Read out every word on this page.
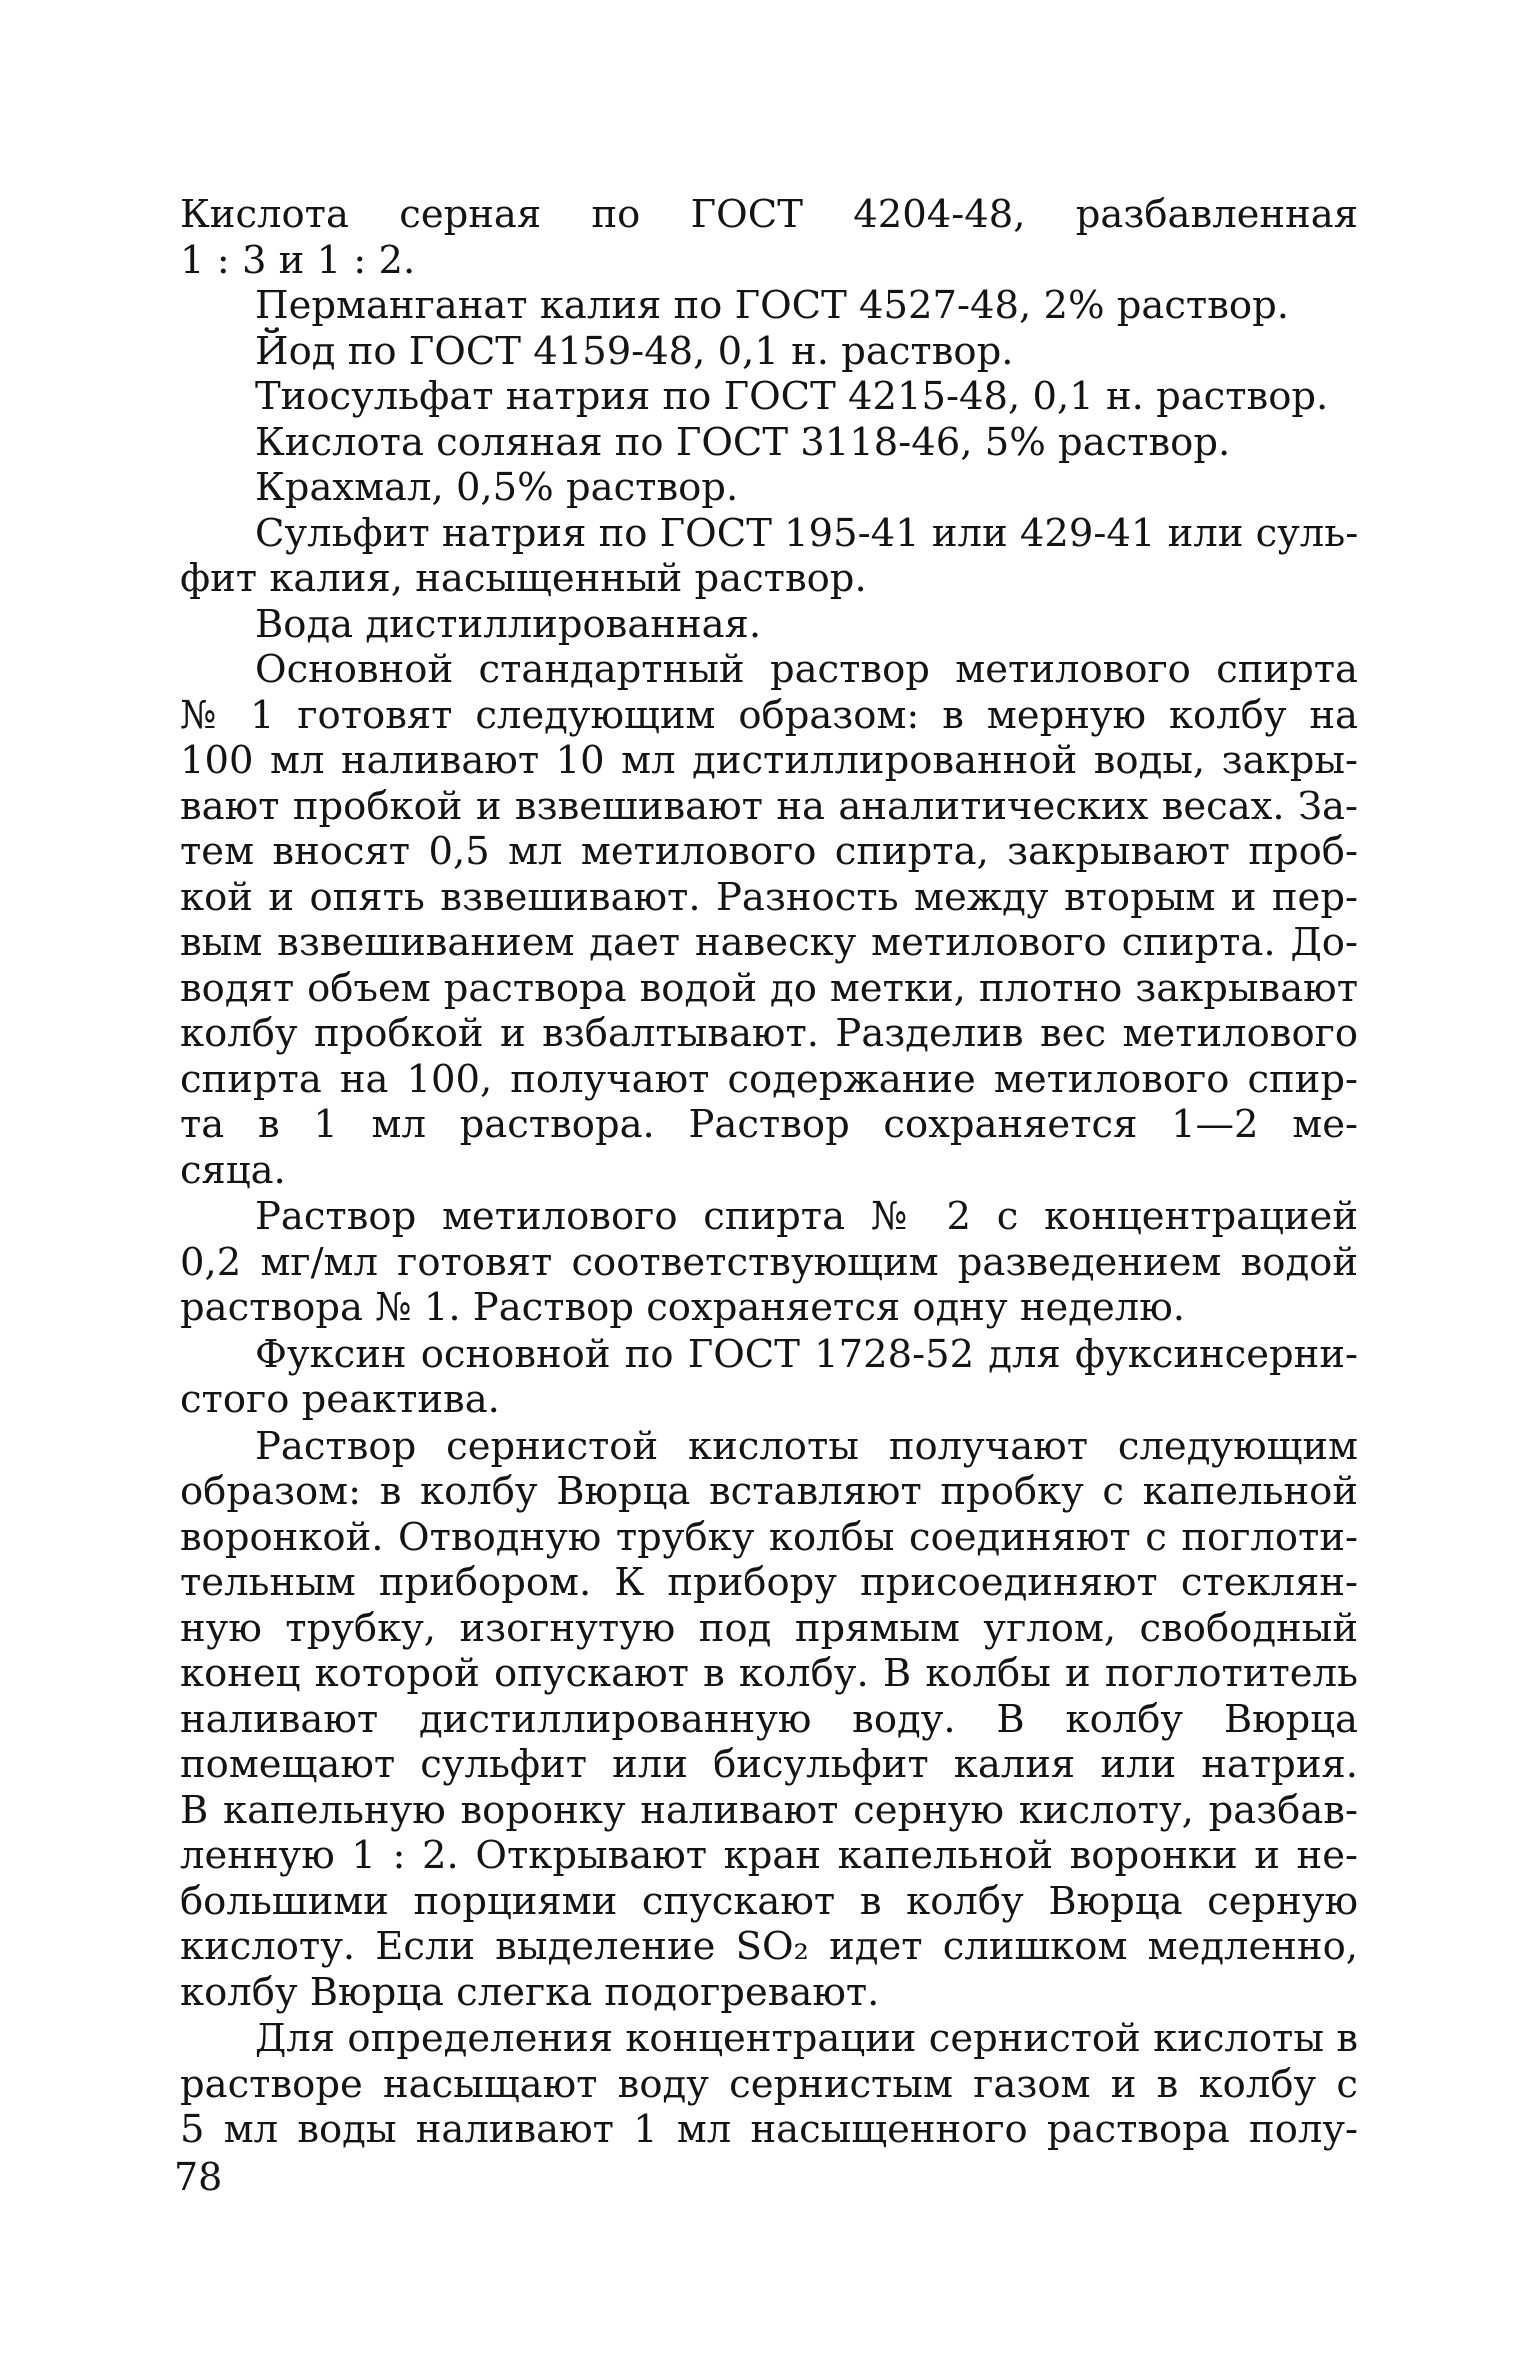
Кислота серная по ГОСТ 4204-48, разбавленная
1 : 3 и 1 : 2.
Перманганат калия по ГОСТ 4527-48, 2% раствор.
Йод по ГОСТ 4159-48, 0,1 н. раствор.
Тиосульфат натрия по ГОСТ 4215-48, 0,1 н. раствор.
Кислота соляная по ГОСТ 3118-46, 5% раствор.
Крахмал, 0,5% раствор.
Сульфит натрия по ГОСТ 195-41 или 429-41 или суль-
фит калия, насыщенный раствор.
Вода дистиллированная.
Основной стандартный раствор метилового спирта
№ 1 готовят следующим образом: в мерную колбу на
100 мл наливают 10 мл дистиллированной воды, закры-
вают пробкой и взвешивают на аналитических весах. За-
тем вносят 0,5 мл метилового спирта, закрывают проб-
кой и опять взвешивают. Разность между вторым и пер-
вым взвешиванием дает навеску метилового спирта. До-
водят объем раствора водой до метки, плотно закрывают
колбу пробкой и взбалтывают. Разделив вес метилового
спирта на 100, получают содержание метилового спир-
та в 1 мл раствора. Раствор сохраняется 1—2 ме-
сяца.
Раствор метилового спирта № 2 с концентрацией
0,2 мг/мл готовят соответствующим разведением водой
раствора № 1. Раствор сохраняется одну неделю.
Фуксин основной по ГОСТ 1728-52 для фуксинсерни-
стого реактива.
Раствор сернистой кислоты получают следующим
образом: в колбу Вюрца вставляют пробку с капельной
воронкой. Отводную трубку колбы соединяют с поглоти-
тельным прибором. К прибору присоединяют стеклян-
ную трубку, изогнутую под прямым углом, свободный
конец которой опускают в колбу. В колбы и поглотитель
наливают дистиллированную воду. В колбу Вюрца
помещают сульфит или бисульфит калия или натрия.
В капельную воронку наливают серную кислоту, разбав-
ленную 1 : 2. Открывают кран капельной воронки и не-
большими порциями спускают в колбу Вюрца серную
кислоту. Если выделение SO₂ идет слишком медленно,
колбу Вюрца слегка подогревают.
Для определения концентрации сернистой кислоты в
растворе насыщают воду сернистым газом и в колбу с
5 мл воды наливают 1 мл насыщенного раствора полу-
78
